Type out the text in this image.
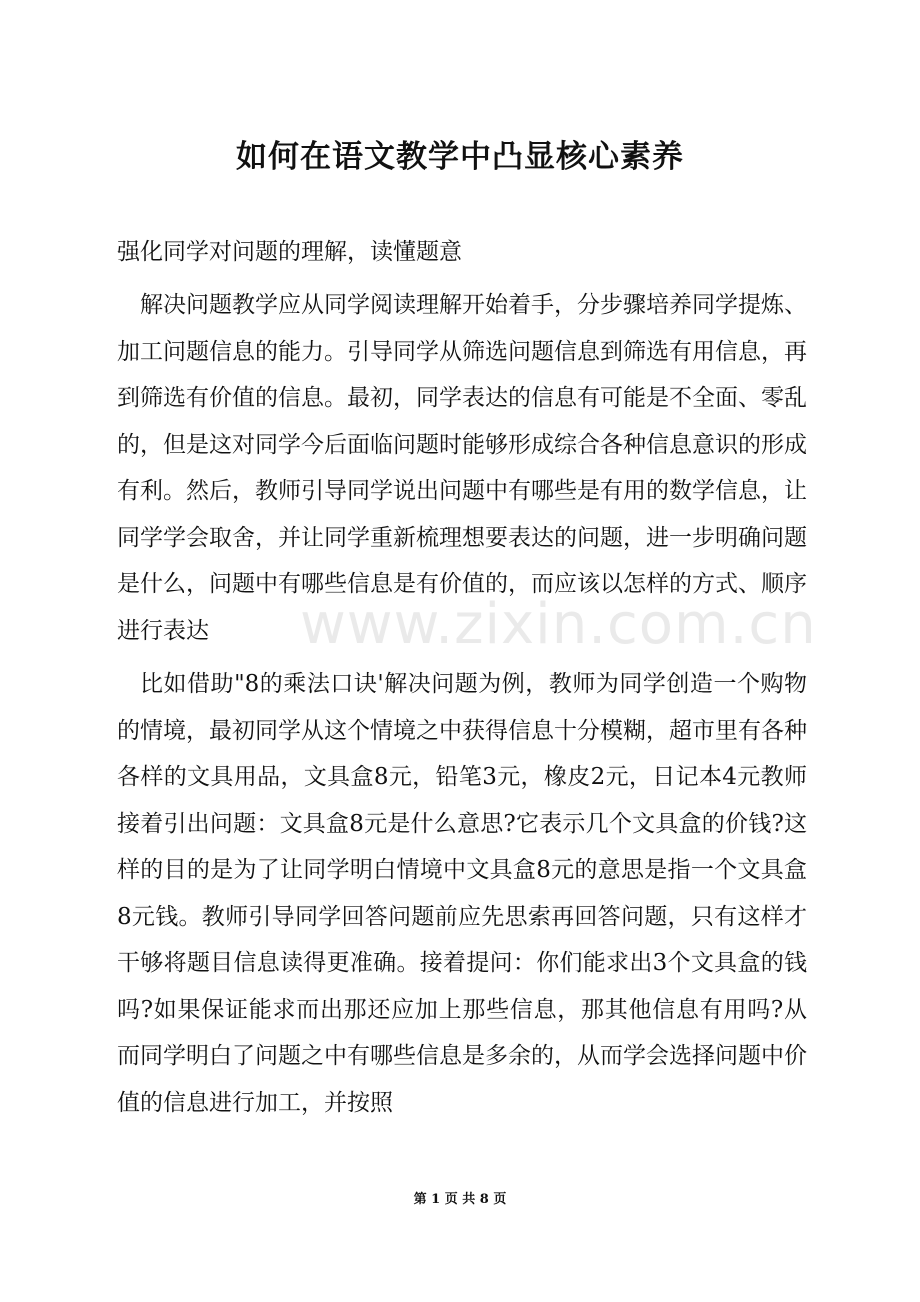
如何在语文教学中凸显核心素养

强化同学对问题的理解，读懂题意

解决问题教学应从同学阅读理解开始着手，分步骤培养同学提炼、加工问题信息的能力。引导同学从筛选问题信息到筛选有用信息，再到筛选有价值的信息。最初，同学表达的信息有可能是不全面、零乱的，但是这对同学今后面临问题时能够形成综合各种信息意识的形成有利。然后，教师引导同学说出问题中有哪些是有用的数学信息，让同学学会取舍，并让同学重新梳理想要表达的问题，进一步明确问题是什么，问题中有哪些信息是有价值的，而应该以怎样的方式、顺序进行表达	www.zixin.com.cn

比如借助"8的乘法口诀'解决问题为例，教师为同学创造一个购物的情境，最初同学从这个情境之中获得信息十分模糊，超市里有各种各样的文具用品，文具盒8元，铅笔3元，橡皮2元，日记本4元教师接着引出问题：文具盒8元是什么意思?它表示几个文具盒的价钱?这样的目的是为了让同学明白情境中文具盒8元的意思是指一个文具盒8元钱。教师引导同学回答问题前应先思索再回答问题，只有这样才干够将题目信息读得更准确。接着提问：你们能求出3个文具盒的钱吗?如果保证能求而出那还应加上那些信息，那其他信息有用吗?从而同学明白了问题之中有哪些信息是多余的，从而学会选择问题中价值的信息进行加工，并按照

第 1 页 共 8 页
